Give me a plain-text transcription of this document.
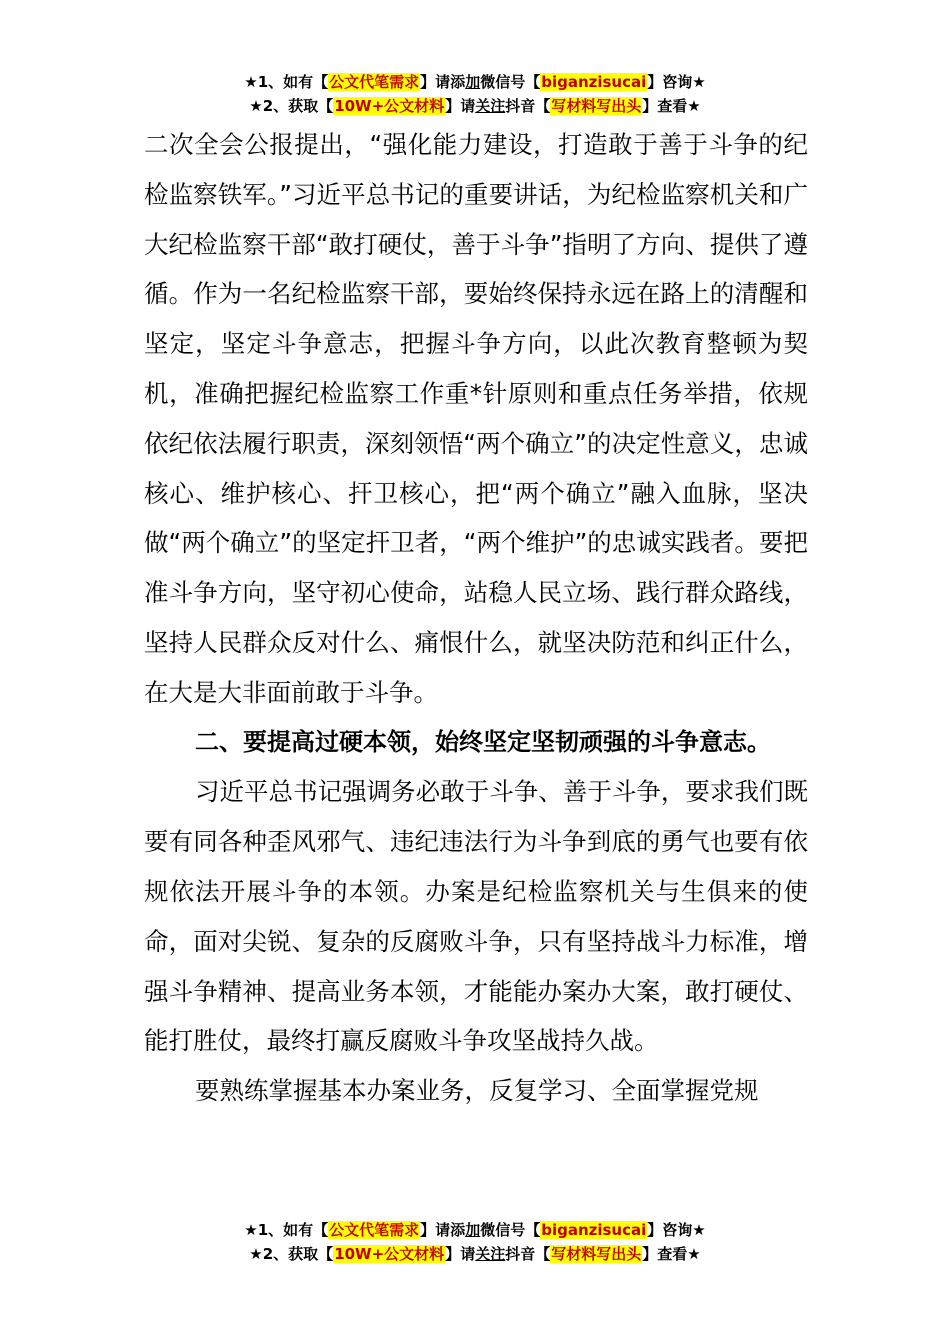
★1、如有【公文代笔需求】请添加微信号【biganzisucai】咨询★
★2、获取【10W+公文材料】请关注抖音【写材料写出头】查看★

二次全会公报提出，“强化能力建设，打造敢于善于斗争的纪检监察铁军。”习近平总书记的重要讲话，为纪检监察机关和广大纪检监察干部“敢打硬仗，善于斗争”指明了方向、提供了遵循。作为一名纪检监察干部，要始终保持永远在路上的清醒和坚定，坚定斗争意志，把握斗争方向，以此次教育整顿为契机，准确把握纪检监察工作重*针原则和重点任务举措，依规依纪依法履行职责，深刻领悟“两个确立”的决定性意义，忠诚核心、维护核心、扞卫核心，把“两个确立”融入血脉，坚决做“两个确立”的坚定扞卫者，“两个维护”的忠诚实践者。要把准斗争方向，坚守初心使命，站稳人民立场、践行群众路线，坚持人民群众反对什么、痛恨什么，就坚决防范和纠正什么，在大是大非面前敢于斗争。

二、要提高过硬本领，始终坚定坚韧顽强的斗争意志。

习近平总书记强调务必敢于斗争、善于斗争，要求我们既要有同各种歪风邪气、违纪违法行为斗争到底的勇气也要有依规依法开展斗争的本领。办案是纪检监察机关与生俱来的使命，面对尖锐、复杂的反腐败斗争，只有坚持战斗力标准，增强斗争精神、提高业务本领，才能能办案办大案，敢打硬仗、能打胜仗，最终打赢反腐败斗争攻坚战持久战。

要熟练掌握基本办案业务，反复学习、全面掌握党规

★1、如有【公文代笔需求】请添加微信号【biganzisucai】咨询★
★2、获取【10W+公文材料】请关注抖音【写材料写出头】查看★
